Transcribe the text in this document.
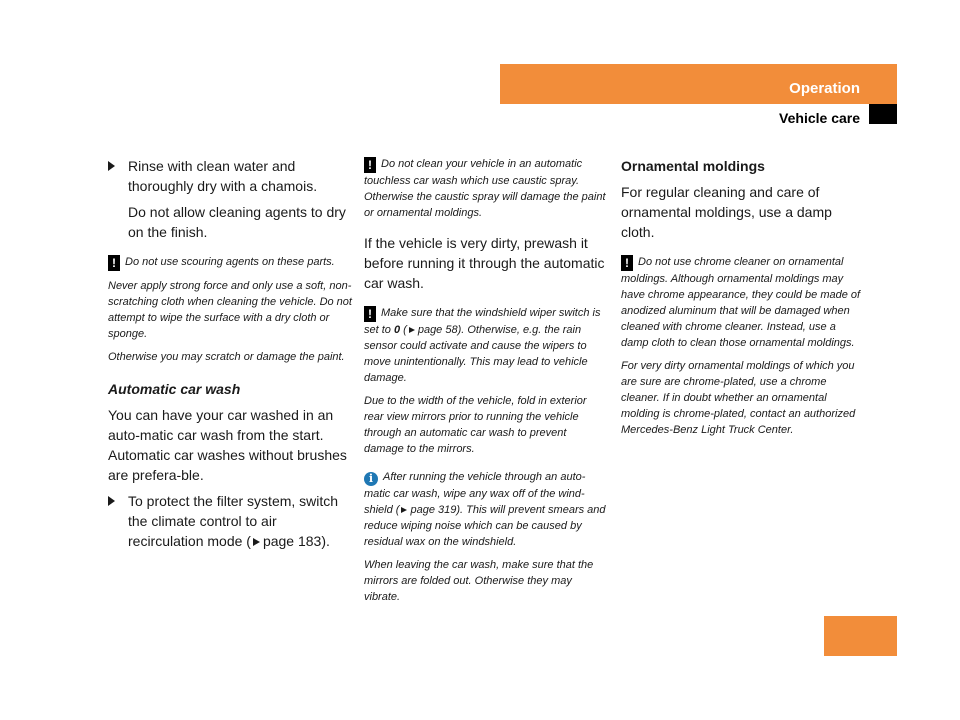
Operation
Vehicle care
Rinse with clean water and thoroughly dry with a chamois.

Do not allow cleaning agents to dry on the finish.

! Do not use scouring agents on these parts.

Never apply strong force and only use a soft, non-scratching cloth when cleaning the vehicle. Do not attempt to wipe the surface with a dry cloth or sponge.

Otherwise you may scratch or damage the paint.

Automatic car wash

You can have your car washed in an auto-matic car wash from the start. Automatic car washes without brushes are prefera-ble.

To protect the filter system, switch the climate control to air recirculation mode ( page 183).

! Do not clean your vehicle in an automatic touchless car wash which use caustic spray. Otherwise the caustic spray will damage the paint or ornamental moldings.

If the vehicle is very dirty, prewash it before running it through the automatic car wash.

! Make sure that the windshield wiper switch is set to 0 ( page 58). Otherwise, e.g. the rain sensor could activate and cause the wipers to move unintentionally. This may lead to vehicle damage.

Due to the width of the vehicle, fold in exterior rear view mirrors prior to running the vehicle through an automatic car wash to prevent damage to the mirrors.

i After running the vehicle through an auto-matic car wash, wipe any wax off of the wind-shield ( page 319). This will prevent smears and reduce wiping noise which can be caused by residual wax on the windshield.

When leaving the car wash, make sure that the mirrors are folded out. Otherwise they may vibrate.

Ornamental moldings

For regular cleaning and care of ornamental moldings, use a damp cloth.

! Do not use chrome cleaner on ornamental moldings. Although ornamental moldings may have chrome appearance, they could be made of anodized aluminum that will be damaged when cleaned with chrome cleaner. Instead, use a damp cloth to clean those ornamental moldings.

For very dirty ornamental moldings of which you are sure are chrome-plated, use a chrome cleaner. If in doubt whether an ornamental molding is chrome-plated, contact an authorized Mercedes-Benz Light Truck Center.

317
